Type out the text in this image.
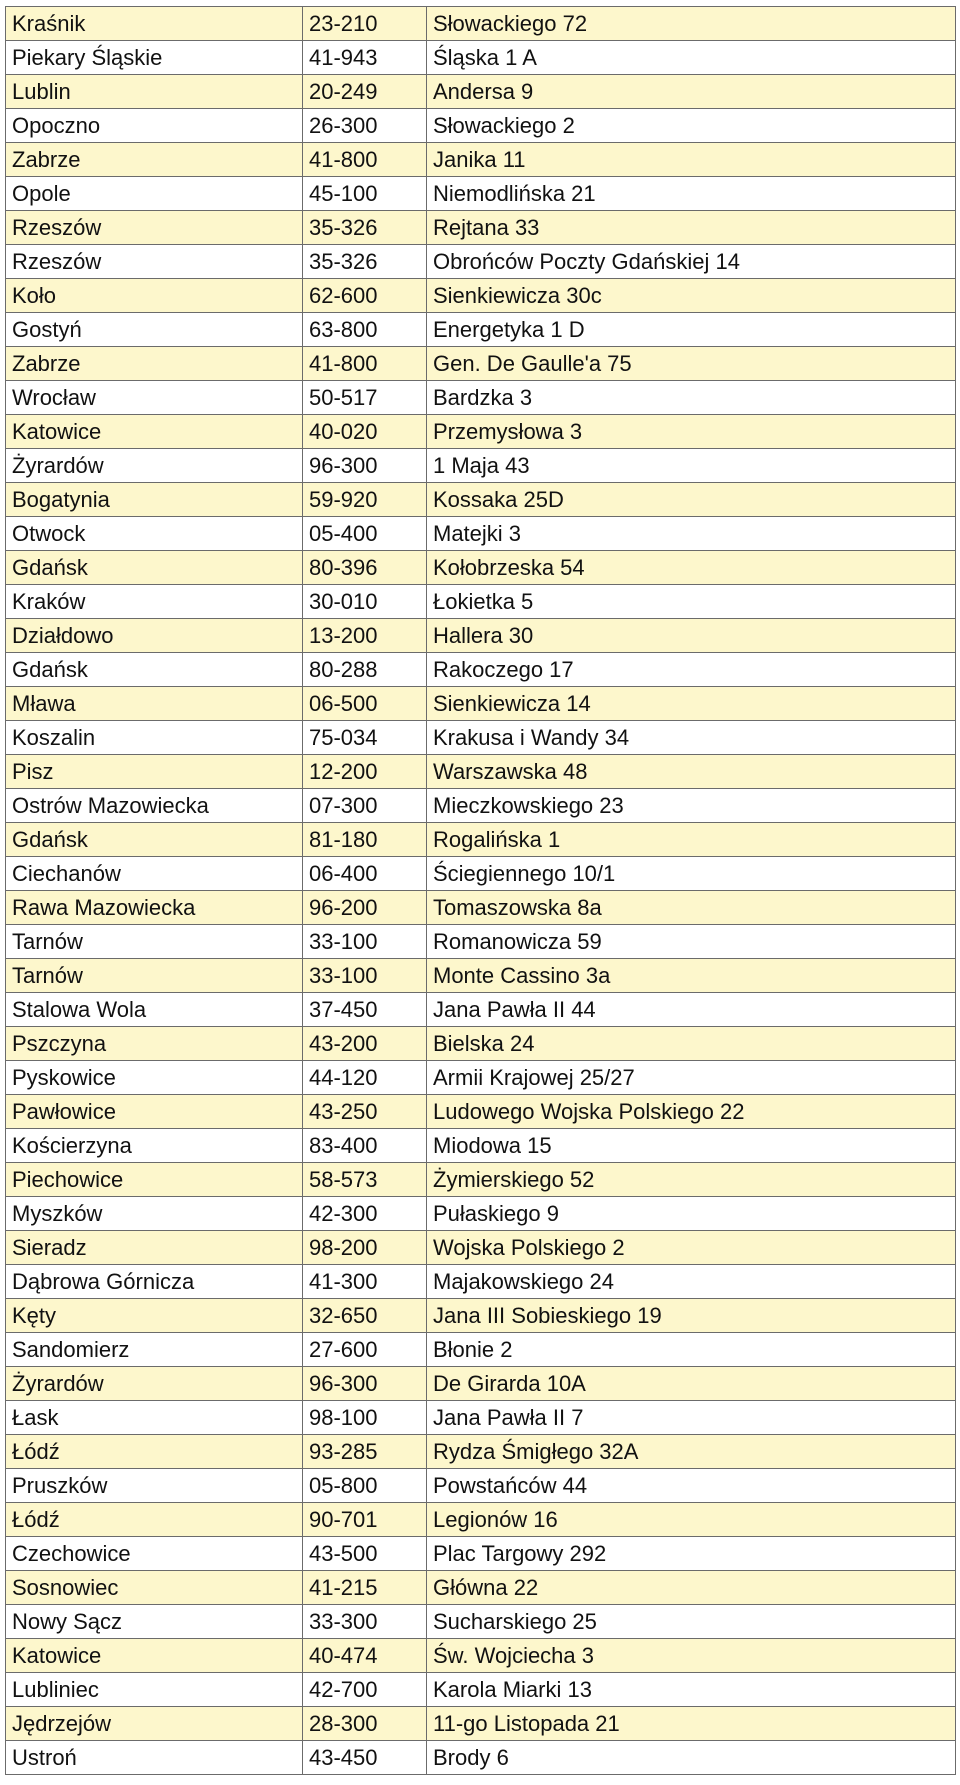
Kraśnik	23-210	Słowackiego 72
Piekary Śląskie	41-943	Śląska 1 A
Lublin	20-249	Andersa 9
Opoczno	26-300	Słowackiego 2
Zabrze	41-800	Janika 11
Opole	45-100	Niemodlińska 21
Rzeszów	35-326	Rejtana 33
Rzeszów	35-326	Obrońców Poczty Gdańskiej 14
Koło	62-600	Sienkiewicza 30c
Gostyń	63-800	Energetyka 1 D
Zabrze	41-800	Gen. De Gaulle'a 75
Wrocław	50-517	Bardzka 3
Katowice	40-020	Przemysłowa 3
Żyrardów	96-300	1 Maja 43
Bogatynia	59-920	Kossaka 25D
Otwock	05-400	Matejki 3
Gdańsk	80-396	Kołobrzeska 54
Kraków	30-010	Łokietka 5
Działdowo	13-200	Hallera 30
Gdańsk	80-288	Rakoczego 17
Mława	06-500	Sienkiewicza 14
Koszalin	75-034	Krakusa i Wandy 34
Pisz	12-200	Warszawska 48
Ostrów Mazowiecka	07-300	Mieczkowskiego 23
Gdańsk	81-180	Rogalińska 1
Ciechanów	06-400	Ściegiennego 10/1
Rawa Mazowiecka	96-200	Tomaszowska 8a
Tarnów	33-100	Romanowicza 59
Tarnów	33-100	Monte Cassino 3a
Stalowa Wola	37-450	Jana Pawła II 44
Pszczyna	43-200	Bielska 24
Pyskowice	44-120	Armii Krajowej 25/27
Pawłowice	43-250	Ludowego Wojska Polskiego 22
Kościerzyna	83-400	Miodowa 15
Piechowice	58-573	Żymierskiego 52
Myszków	42-300	Pułaskiego 9
Sieradz	98-200	Wojska Polskiego 2
Dąbrowa Górnicza	41-300	Majakowskiego 24
Kęty	32-650	Jana III Sobieskiego 19
Sandomierz	27-600	Błonie 2
Żyrardów	96-300	De Girarda 10A
Łask	98-100	Jana Pawła II 7
Łódź	93-285	Rydza Śmigłego 32A
Pruszków	05-800	Powstańców 44
Łódź	90-701	Legionów 16
Czechowice	43-500	Plac Targowy 292
Sosnowiec	41-215	Główna 22
Nowy Sącz	33-300	Sucharskiego 25
Katowice	40-474	Św. Wojciecha 3
Lubliniec	42-700	Karola Miarki 13
Jędrzejów	28-300	11-go Listopada 21
Ustroń	43-450	Brody 6
